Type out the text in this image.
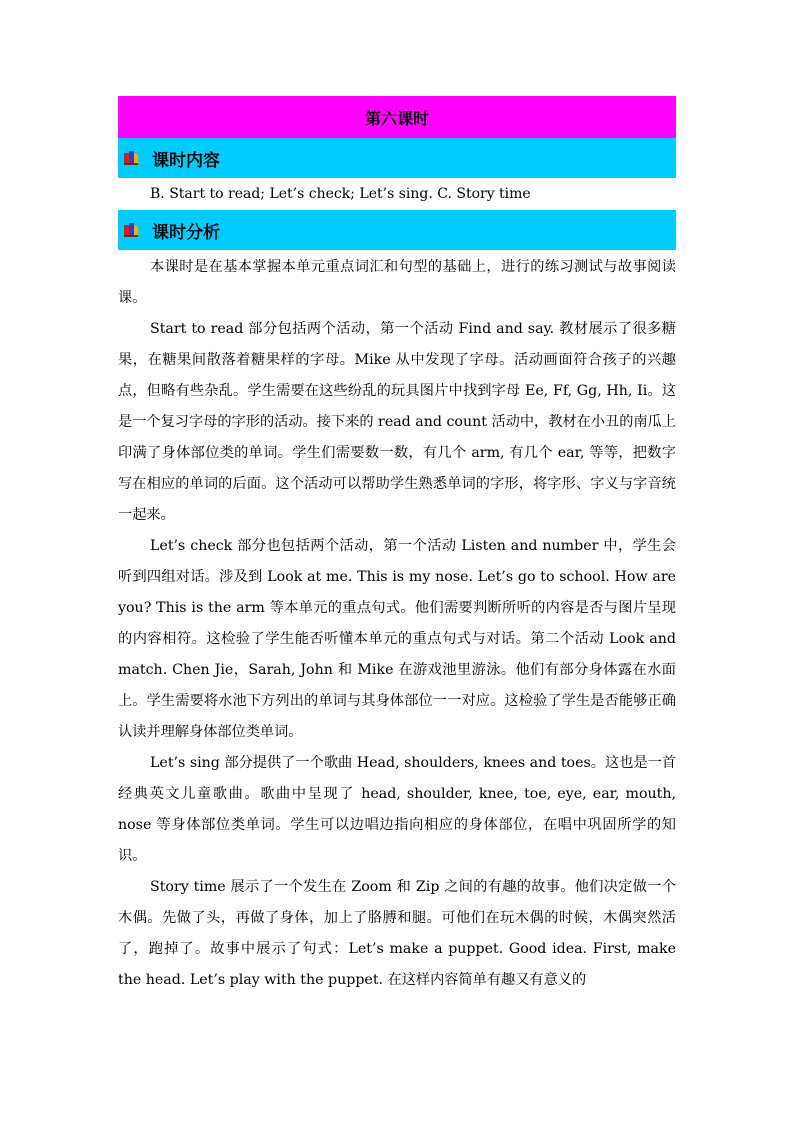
第六课时
课时内容
B. Start to read; Let’s check; Let’s sing. C. Story time
课时分析

本课时是在基本掌握本单元重点词汇和句型的基础上，进行的练习测试与故事阅读课。

Start to read 部分包括两个活动，第一个活动 Find and say. 教材展示了很多糖果，在糖果间散落着糖果样的字母。Mike 从中发现了字母。活动画面符合孩子的兴趣点，但略有些杂乱。学生需要在这些纷乱的玩具图片中找到字母 Ee, Ff, Gg, Hh, Ii。这是一个复习字母的字形的活动。接下来的 read and count 活动中，教材在小丑的南瓜上印满了身体部位类的单词。学生们需要数一数，有几个 arm, 有几个 ear, 等等，把数字写在相应的单词的后面。这个活动可以帮助学生熟悉单词的字形，将字形、字义与字音统一起来。

Let’s check 部分也包括两个活动，第一个活动 Listen and number 中，学生会听到四组对话。涉及到 Look at me. This is my nose. Let’s go to school. How are you? This is the arm 等本单元的重点句式。他们需要判断所听的内容是否与图片呈现的内容相符。这检验了学生能否听懂本单元的重点句式与对话。第二个活动 Look and match. Chen Jie，Sarah, John 和 Mike 在游戏池里游泳。他们有部分身体露在水面上。学生需要将水池下方列出的单词与其身体部位一一对应。这检验了学生是否能够正确认读并理解身体部位类单词。

Let’s sing 部分提供了一个歌曲 Head, shoulders, knees and toes。这也是一首经典英文儿童歌曲。歌曲中呈现了 head, shoulder, knee, toe, eye, ear, mouth, nose 等身体部位类单词。学生可以边唱边指向相应的身体部位，在唱中巩固所学的知识。

Story time 展示了一个发生在 Zoom 和 Zip 之间的有趣的故事。他们决定做一个木偶。先做了头，再做了身体，加上了胳膊和腿。可他们在玩木偶的时候，木偶突然活了，跑掉了。故事中展示了句式：Let’s make a puppet. Good idea. First, make the head. Let’s play with the puppet. 在这样内容简单有趣又有意义的
